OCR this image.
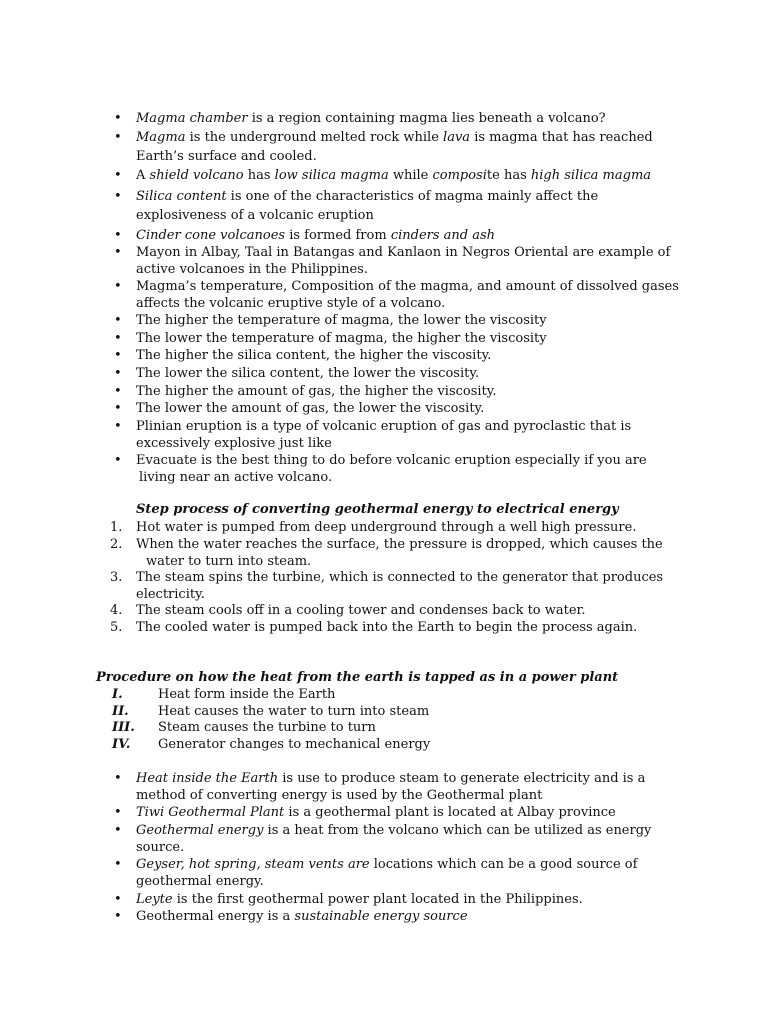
• Magma chamber is a region containing magma lies beneath a volcano?
• Magma is the underground melted rock while lava is magma that has reached Earth’s surface and cooled.
• A shield volcano has low silica magma while composite has high silica magma
• Silica content is one of the characteristics of magma mainly affect the explosiveness of a volcanic eruption
• Cinder cone volcanoes is formed from cinders and ash
• Mayon in Albay, Taal in Batangas and Kanlaon in Negros Oriental are example of active volcanoes in the Philippines.
• Magma’s temperature, Composition of the magma, and amount of dissolved gases affects the volcanic eruptive style of a volcano.
• The higher the temperature of magma, the lower the viscosity
• The lower the temperature of magma, the higher the viscosity
• The higher the silica content, the higher the viscosity.
• The lower the silica content, the lower the viscosity.
• The higher the amount of gas, the higher the viscosity.
• The lower the amount of gas, the lower the viscosity.
• Plinian eruption is a type of volcanic eruption of gas and pyroclastic that is excessively explosive just like
• Evacuate is the best thing to do before volcanic eruption especially if you are
living near an active volcano.
Step process of converting geothermal energy to electrical energy
1. Hot water is pumped from deep underground through a well high pressure.
2. When the water reaches the surface, the pressure is dropped, which causes the
water to turn into steam.
3. The steam spins the turbine, which is connected to the generator that produces electricity.
4. The steam cools off in a cooling tower and condenses back to water.
5. The cooled water is pumped back into the Earth to begin the process again.
Procedure on how the heat from the earth is tapped as in a power plant
I.	Heat form inside the Earth
II. Heat causes the water to turn into steam
III. Steam causes the turbine to turn
IV. Generator changes to mechanical energy
• Heat inside the Earth is use to produce steam to generate electricity and is a method of converting energy is used by the Geothermal plant
• Tiwi Geothermal Plant is a geothermal plant is located at Albay province
• Geothermal energy is a heat from the volcano which can be utilized as energy source.
• Geyser, hot spring, steam vents are locations which can be a good source of geothermal energy.
• Leyte is the first geothermal power plant located in the Philippines.
• Geothermal energy is a sustainable energy source
